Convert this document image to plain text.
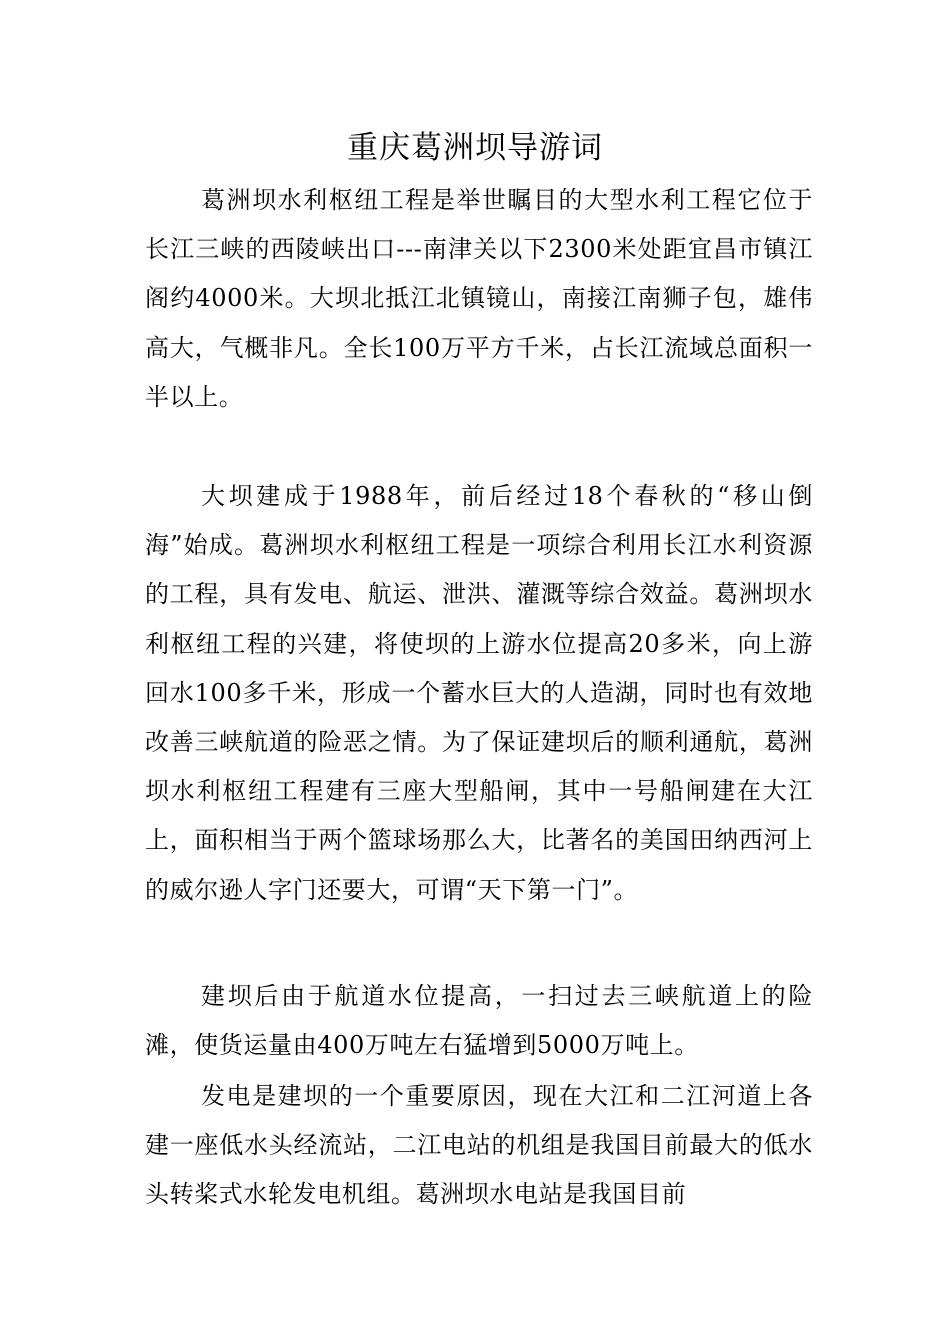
重庆葛洲坝导游词

葛洲坝水利枢纽工程是举世瞩目的大型水利工程它位于长江三峡的西陵峡出口---南津关以下2300米处距宜昌市镇江阁约4000米。大坝北抵江北镇镜山，南接江南狮子包，雄伟高大，气概非凡。全长100万平方千米，占长江流域总面积一半以上。

大坝建成于1988年，前后经过18个春秋的“移山倒海”始成。葛洲坝水利枢纽工程是一项综合利用长江水利资源的工程，具有发电、航运、泄洪、灌溉等综合效益。葛洲坝水利枢纽工程的兴建，将使坝的上游水位提高20多米，向上游回水100多千米，形成一个蓄水巨大的人造湖，同时也有效地改善三峡航道的险恶之情。为了保证建坝后的顺利通航，葛洲坝水利枢纽工程建有三座大型船闸，其中一号船闸建在大江上，面积相当于两个篮球场那么大，比著名的美国田纳西河上的威尔逊人字门还要大，可谓“天下第一门”。

建坝后由于航道水位提高，一扫过去三峡航道上的险滩，使货运量由400万吨左右猛增到5000万吨上。

发电是建坝的一个重要原因，现在大江和二江河道上各建一座低水头经流站，二江电站的机组是我国目前最大的低水头转桨式水轮发电机组。葛洲坝水电站是我国目前
